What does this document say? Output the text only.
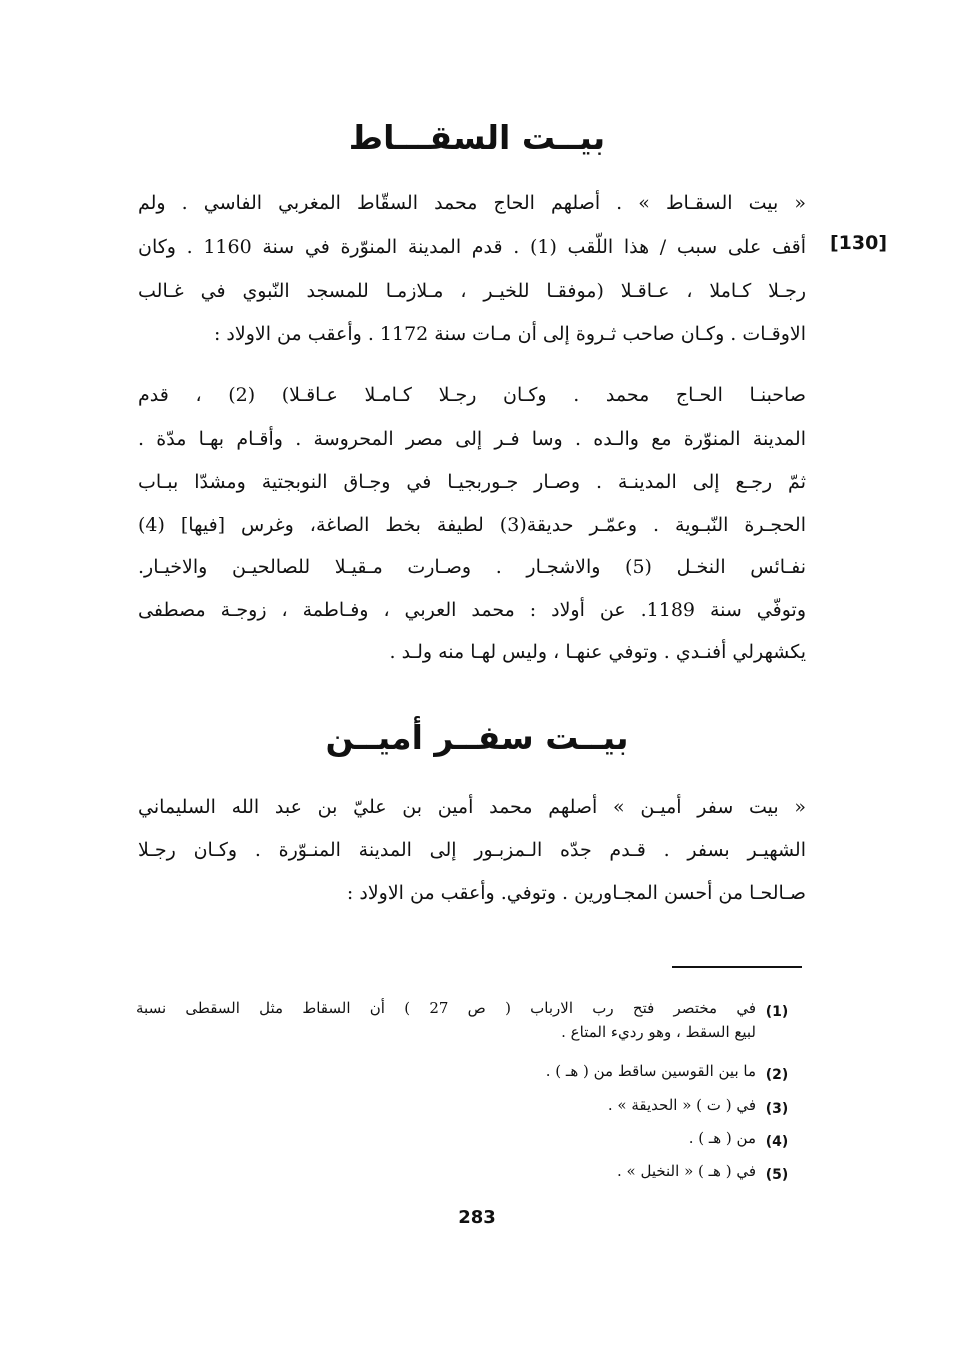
بيــت السقـــاط
[130]
« بيت السقـاط » . أصلهم الحاج محمد السقّاط المغربي الفاسي . ولم
أقف على سبب / هذا اللّقب (1) . قدم المدينة المنوّرة في سنة 1160 . وكان
رجـلا كـاملا ، عـاقـلا (موفقـا للخيـر ، مـلازمـا للمسجد النّبوي في غـالب
الاوقـات . وكـان صاحب ثـروة إلى أن مـات سنة 1172 . وأعقب من الاولاد :
صاحبنـا الحـاج محمد . وكـان رجـلا كـامـلا عـاقـلا) (2) ، قدم
المدينة المنوّرة مع والـده . وسا فـر إلى مصر المحروسة . وأقـام بهـا مدّة .
ثمّ رجـع إلى المدينـة . وصـار جـوربجيـا في وجـاق النوبجتية ومشدّا ببـاب
الحجـرة النّبـوية . وعمّـر حديقة(3) لطيفة بخط الصاغة، وغرس [فيها] (4)
نفـائس النخـل (5) والاشجـار . وصـارت مـقيـلا للصالحيـن والاخيـار.
وتوفّي سنة 1189. عن أولاد : محمد العربي ، وفـاطمة ، زوجـة مصطفى
يكشهرلي أفنـدي . وتوفي عنهـا ، وليس لهـا منه ولـد .
بيــت سفــر أميــن
« بيت سفر أميـن » أصلهم محمد أمين بن عليّ بن عبد الله السليماني
الشهيـر بسفر . قـدم جدّه الـمزبـور إلى المدينة المنـوّرة . وكـان رجـلا
صـالحـا من أحسن المجـاورين . وتوفي. وأعقب من الاولاد :
(1)
في مختصر فتح رب الارباب ( ص 27 ) أن السقاط مثل السقطى نسبة
لبيع السقط ، وهو رديء المتاع .
(2)
ما بين القوسين ساقط من ( هـ ) .
(3)
في ( ت ) « الحديقة » .
(4)
من ( هـ ) .
(5)
في ( هـ ) « النخيل » .
283
